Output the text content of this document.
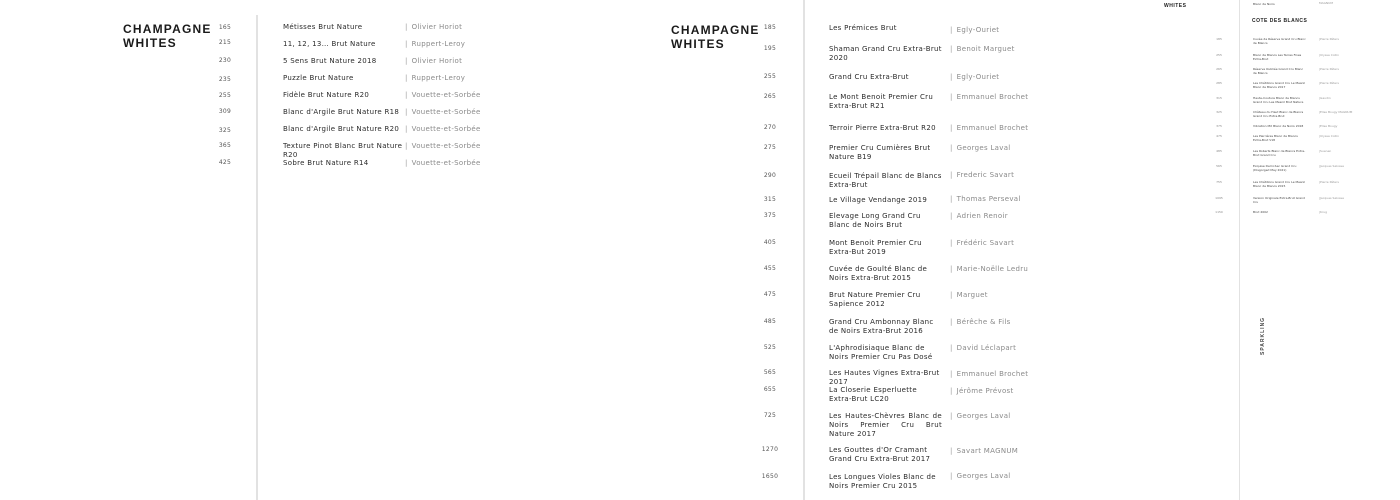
CHAMPAGNE
WHITES
165	Métisses Brut Nature	| Olivier Horiot
215	11, 12, 13… Brut Nature	| Ruppert-Leroy
230	5 Sens Brut Nature 2018	| Olivier Horiot
235	Puzzle Brut Nature	| Ruppert-Leroy
255	Fidèle Brut Nature R20	| Vouette-et-Sorbée
309	Blanc d'Argile Brut Nature R18 | Vouette-et-Sorbée
325	Blanc d'Argile Brut Nature R20 | Vouette-et-Sorbée
365	Texture Pinot Blanc Brut Nature R20
| Vouette-et-Sorbée
425	Sobre Brut Nature R14	| Vouette-et-Sorbée
CHAMPAGNE
WHITES
185	Les Prémices Brut	| Egly-Ouriet
195	Shaman Grand Cru Extra-Brut 2020
| Benoit Marguet
255	Grand Cru Extra-Brut	| Egly-Ouriet
265	Le Mont Benoit Premier Cru Extra-Brut R21
| Emmanuel Brochet
270	Terroir Pierre Extra-Brut R20	| Emmanuel Brochet
275	Premier Cru Cumières Brut Nature B19
| Georges Laval
290	Ecueil Trépail Blanc de Blancs Extra-Brut
| Frederic Savart
315	Le Village Vendange 2019	| Thomas Perseval
375	Elevage Long Grand Cru Blanc de Noirs Brut
| Adrien Renoir
405	Mont Benoit Premier Cru Extra-But 2019
| Frédéric Savart
455	Cuvée de Goulté Blanc de Noirs Extra-Brut 2015
| Marie-Noëlle Ledru
475	Brut Nature Premier Cru Sapience 2012
| Marguet
485	Grand Cru Ambonnay Blanc de Noirs Extra-Brut 2016
| Bérêche & Fils
525	L'Aphrodisiaque Blanc de Noirs Premier Cru Pas Dosé
| David Léclapart
565	Les Hautes Vignes Extra-Brut 2017
| Emmanuel Brochet
655	La Closerie Esperluette Extra-Brut LC20
| Jérôme Prévost
725	Les Hautes-Chèvres Blanc de Noirs Premier Cru Brut Nature 2017
| Georges Laval
1270	Les Gouttes d'Or Cramant Grand Cru Extra-Brut 2017
| Savart MAGNUM
1650	Les Longues Violes Blanc de Noirs Premier Cru 2015
| Georges Laval
WHITES	Blanc de Noirs	MAGNUM
COTE DES BLANCS
185	Cuvée de Réserve Grand Cru Blanc de Blancs
|Pierre Péters
255	Blanc de Blancs Les Terres Fines Extra-Brut
|Ulysse Collin
265	Réserve Oubliée Grand Cru Blanc de Blancs
|Pierre Péters
285	Les Chétillons Grand Cru Le Mesnil Blanc de Blancs 2017
|Pierre Péters
315	Haute-Couture Blanc de Blancs Grand Cru Les Mesnil Brut Nature
|Gaudin
325	Château du Haut Blanc de Blancs Grand Cru Extra-Brut
|Elise Bougy MAGNUM
375	Vibration MX Blanc de Noirs 2018	|Elise Bougy
475	Les Pierrières Blanc de Blancs Extra-Brut V18
|Ulysse Collin
485	Les Roberts Blanc de Blancs Extra-Brut Grand Cru
|Suenen
565	Exquise Demi-Sec Grand Cru (Disgorged May 2021)
|Jacques Selosse
755	Les Chétillons Grand Cru Le Mesnil Blanc de Blancs 2015
|Pierre Péters
1095	Version Originale Extra-Brut Grand Cru
|Jacques Selosse
1150	Brut 2002	|Krug
SPARKLING
